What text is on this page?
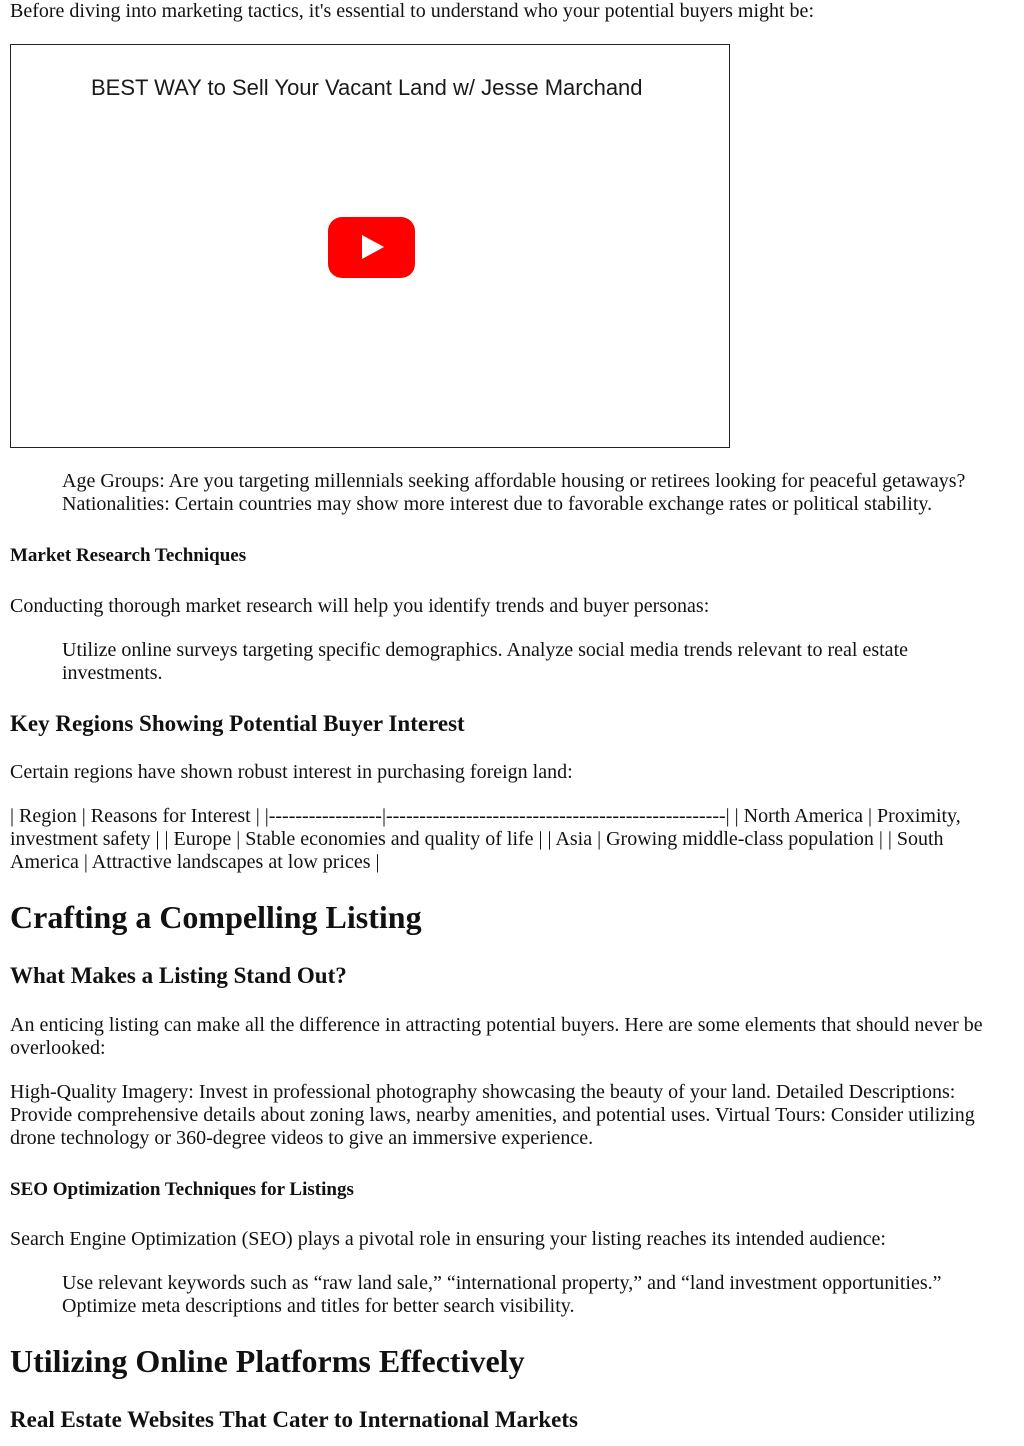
Before diving into marketing tactics, it's essential to understand who your potential buyers might be:

BEST WAY to Sell Your Vacant Land w/ Jesse Marchand

Age Groups: Are you targeting millennials seeking affordable housing or retirees looking for peaceful getaways?

Nationalities: Certain countries may show more interest due to favorable exchange rates or political stability.

Market Research Techniques

Conducting thorough market research will help you identify trends and buyer personas:

Utilize online surveys targeting specific demographics. Analyze social media trends relevant to real estate investments.

Key Regions Showing Potential Buyer Interest

Certain regions have shown robust interest in purchasing foreign land:

| Region | Reasons for Interest | |-----------------|---------------------------------------------------| | North America | Proximity, investment safety | | Europe | Stable economies and quality of life | | Asia | Growing middle-class population | | South America | Attractive landscapes at low prices |

Crafting a Compelling Listing
What Makes a Listing Stand Out?

An enticing listing can make all the difference in attracting potential buyers. Here are some elements that should never be overlooked:

High-Quality Imagery: Invest in professional photography showcasing the beauty of your land. Detailed Descriptions: Provide comprehensive details about zoning laws, nearby amenities, and potential uses. Virtual Tours: Consider utilizing drone technology or 360-degree videos to give an immersive experience.

SEO Optimization Techniques for Listings

Search Engine Optimization (SEO) plays a pivotal role in ensuring your listing reaches its intended audience:

Use relevant keywords such as “raw land sale,” “international property,” and “land investment opportunities.” Optimize meta descriptions and titles for better search visibility.

Utilizing Online Platforms Effectively
Real Estate Websites That Cater to International Markets
